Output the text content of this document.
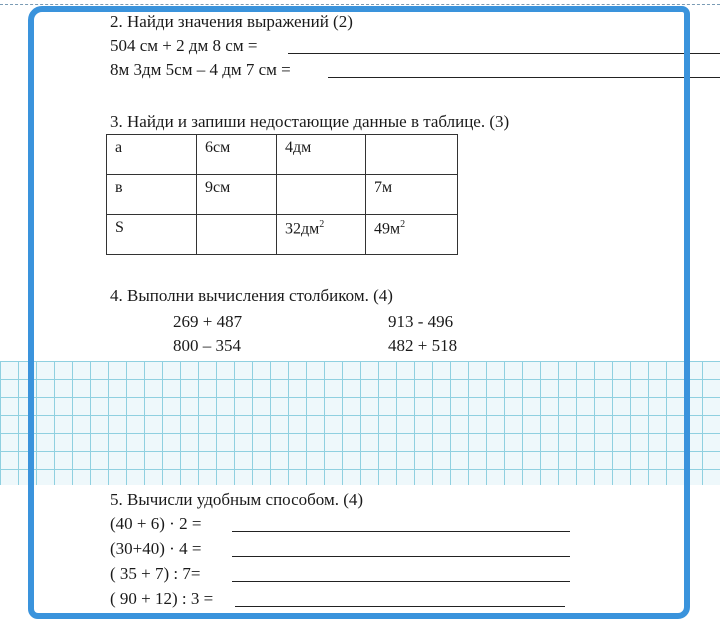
2. Найди значения выражений (2)
504 см + 2 дм 8 см =
8м 3дм 5см – 4 дм 7 см =
3. Найди и запиши недостающие данные в таблице. (3)
а	6см	4дм	
в	9см		7м
S		$32дм^2$	$49м^2$
4. Выполни вычисления столбиком. (4)
269 + 487	913 - 496
800 – 354	482 + 518
5. Вычисли удобным способом. (4)
(40 + 6) · 2 =
(30+40) · 4 =
( 35 + 7) : 7=
( 90 + 12) : 3 =
